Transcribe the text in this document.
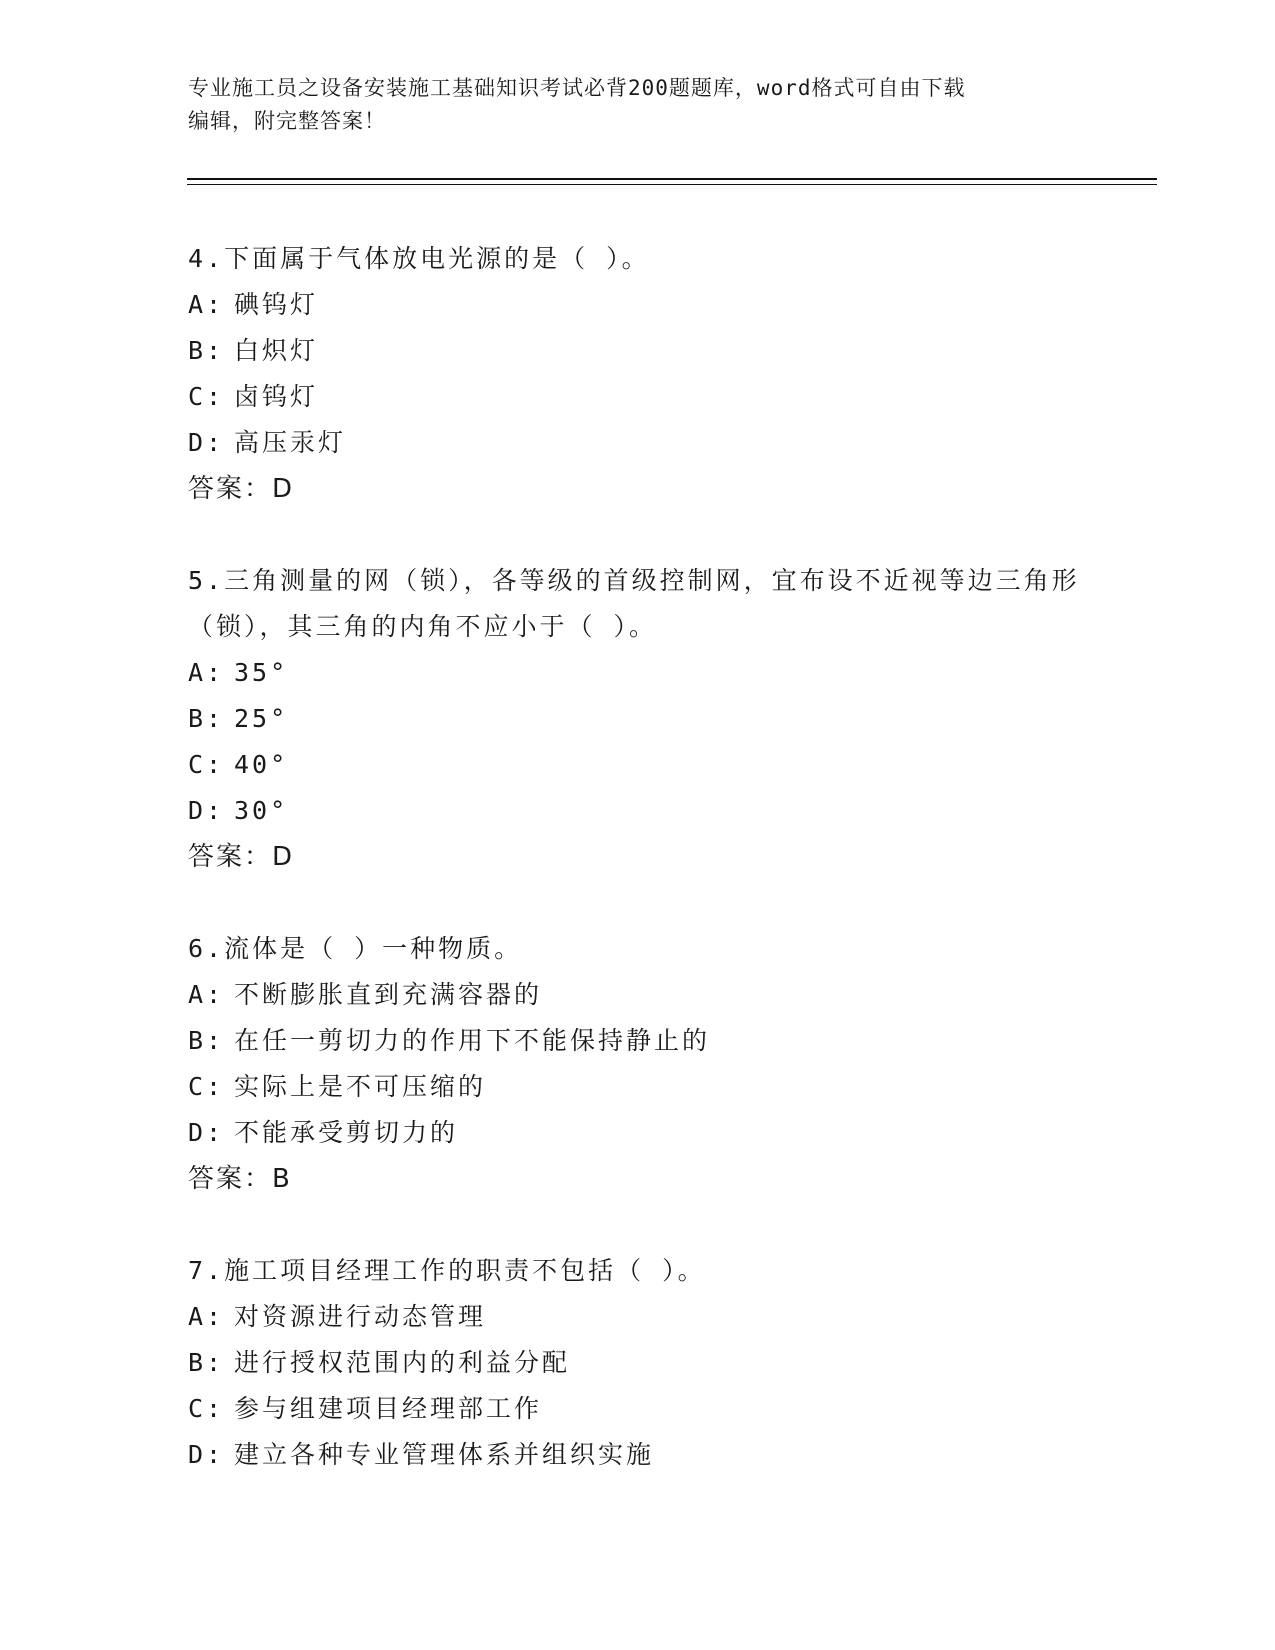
专业施工员之设备安装施工基础知识考试必背200题题库，word格式可自由下载
编辑，附完整答案！
4.下面属于气体放电光源的是（ ）。
A: 碘钨灯
B: 白炽灯
C: 卤钨灯
D: 高压汞灯
答案：D
5.三角测量的网（锁），各等级的首级控制网，宜布设不近视等边三角形（锁），其三角的内角不应小于（ ）。
A: 35°
B: 25°
C: 40°
D: 30°
答案：D
6.流体是（ ）一种物质。
A: 不断膨胀直到充满容器的
B: 在任一剪切力的作用下不能保持静止的
C: 实际上是不可压缩的
D: 不能承受剪切力的
答案：B
7.施工项目经理工作的职责不包括（ ）。
A: 对资源进行动态管理
B: 进行授权范围内的利益分配
C: 参与组建项目经理部工作
D: 建立各种专业管理体系并组织实施
